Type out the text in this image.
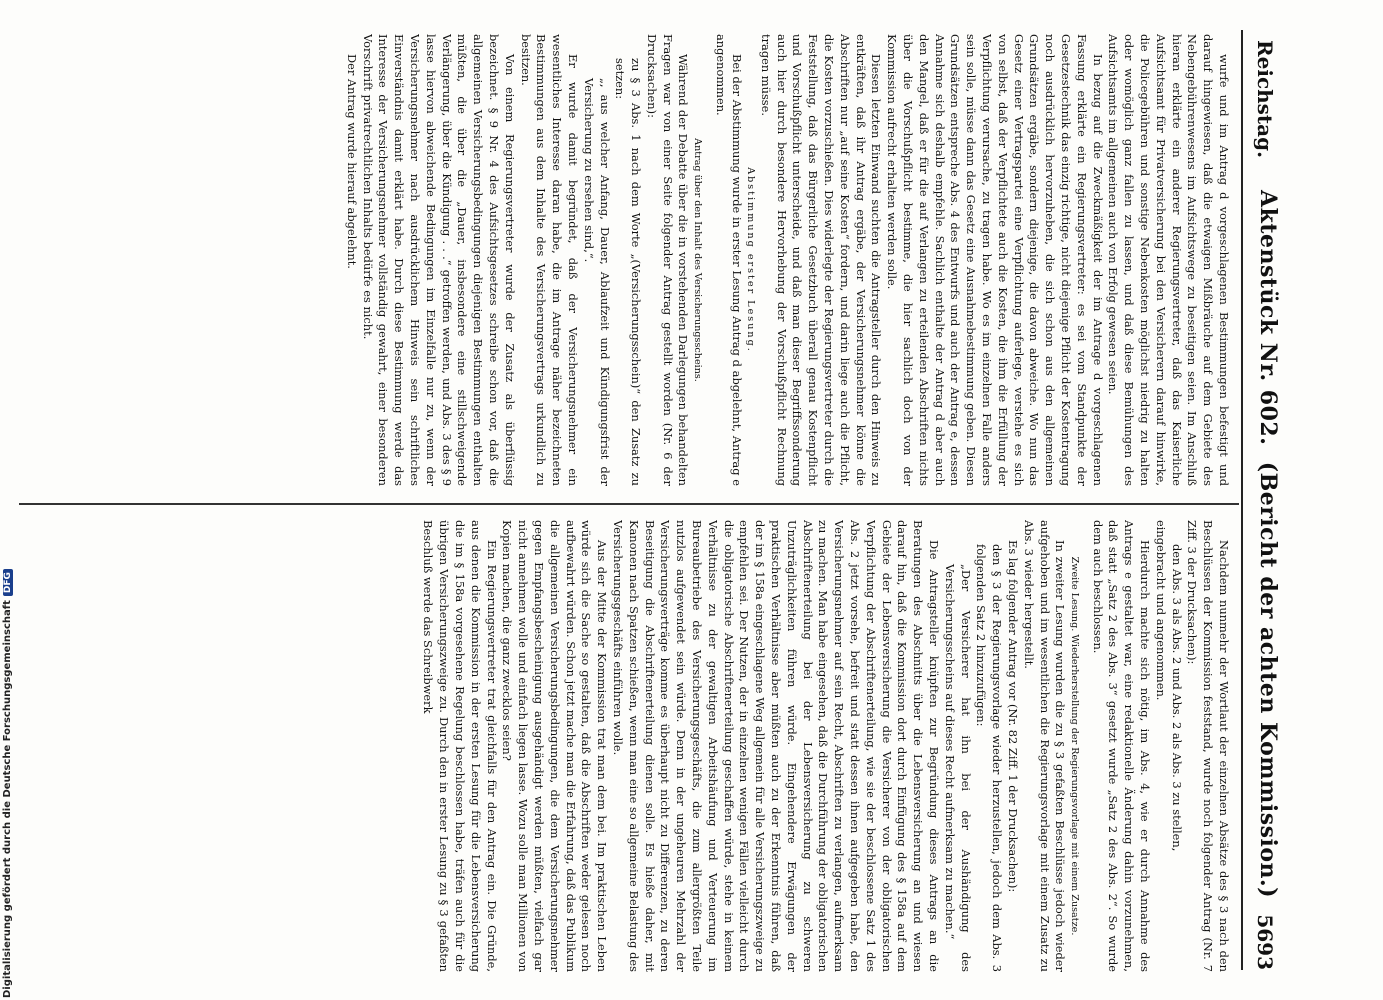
Reichstag.
Aktenstück Nr. 602.  (Bericht der achten Kommission.)
5693

wurfe und im Antrag d vorgeschlagenen Bestimmungen befestigt und darauf hingewiesen, daß die etwaigen Mißbräuche auf dem Gebiete des Nebengebührenwesens im Aufsichtswege zu beseitigen seien. Im Anschluß hieran erklärte ein anderer Regierungsvertreter, daß das Kaiserliche Aufsichtsamt für Privatversicherung bei den Versicherern darauf hinwirke, die Policegebühren und sonstige Nebenkosten möglichst niedrig zu halten oder womöglich ganz fallen zu lassen, und daß diese Bemühungen des Aufsichtsamts im allgemeinen auch von Erfolg gewesen seien.

In bezug auf die Zweckmäßigkeit der im Antrage d vorgeschlagenen Fassung erklärte ein Regierungsvertreter: es sei vom Standpunkte der Gesetzestechnik das einzig richtige, nicht diejenige Pflicht der Kostentragung noch ausdrücklich hervorzuheben, die sich schon aus den allgemeinen Grundsätzen ergäbe, sondern diejenige, die davon abweiche. Wo nun das Gesetz einer Vertragspartei eine Verpflichtung auferlege, verstehe es sich von selbst, daß der Verpflichtete auch die Kosten, die ihm die Erfüllung der Verpflichtung verursache, zu tragen habe. Wo es im einzelnen Falle anders sein solle, müsse dann das Gesetz eine Ausnahmebestimmung geben. Diesen Grundsätzen entspreche Abs. 4 des Entwurfs und auch der Antrag e, dessen Annahme sich deshalb empfehle. Sachlich enthalte der Antrag d aber auch den Mangel, daß er für die auf Verlangen zu erteilenden Abschriften nichts über die Vorschußpflicht bestimme, die hier sachlich doch von der Kommission aufrecht erhalten werden solle.

Diesen letzten Einwand suchten die Antragsteller durch den Hinweis zu entkräften, daß ihr Antrag ergäbe, der Versicherungsnehmer könne die Abschriften nur „auf seine Kosten“ fordern, und darin liege auch die Pflicht, die Kosten vorzuschießen. Dies widerlegte der Regierungsvertreter durch die Feststellung, daß das Bürgerliche Gesetzbuch überall genau Kostenpflicht und Vorschußpflicht unterscheide, und daß man dieser Begriffssonderung auch hier durch besondere Hervorhebung der Vorschußpflicht Rechnung tragen müsse.

Abstimmung erster Lesung.

Bei der Abstimmung wurde in erster Lesung Antrag d abgelehnt, Antrag e angenommen.

Antrag über den Inhalt des Versicherungsscheins.

Während der Debatte über die in vorstehenden Darlegungen behandelten Fragen war von einer Seite folgender Antrag gestellt worden (Nr. 6 der Drucksachen):

zu § 3 Abs. 1 nach dem Worte „(Versicherungsschein)“ den Zusatz zu setzen:

„, aus welcher Anfang, Dauer, Ablaufzeit und Kündigungsfrist der Versicherung zu ersehen sind,“.

Er wurde damit begründet, daß der Versicherungsnehmer ein wesentliches Interesse daran habe, die im Antrage näher bezeichneten Bestimmungen aus dem Inhalte des Versicherungsvertrags urkundlich zu besitzen.

Von einem Regierungsvertreter wurde der Zusatz als überflüssig bezeichnet. § 9 Nr. 4 des Aufsichtsgesetzes schreibe schon vor, daß die allgemeinen Versicherungsbedingungen diejenigen Bestimmungen enthalten müßten, die über die „Dauer, insbesondere eine stillschweigende Verlängerung, über die Kündigung . . .“ getroffen werden, und Abs. 3 des § 9 lasse hiervon abweichende Bedingungen im Einzelfalle nur zu, wenn der Versicherungsnehmer nach ausdrücklichem Hinweis sein schriftliches Einverständnis damit erklärt habe. Durch diese Bestimmung werde das Interesse der Versicherungsnehmer vollständig gewahrt, einer besonderen Vorschrift privatrechtlichen Inhalts bedürfe es nicht.

Der Antrag wurde hierauf abgelehnt.

Nachdem nunmehr der Wortlaut der einzelnen Absätze des § 3 nach den Beschlüssen der Kommission feststand, wurde noch folgender Antrag (Nr. 7 Ziff. 3 der Drucksachen):

den Abs. 3 als Abs. 2 und Abs. 2 als Abs. 3 zu stellen,

eingebracht und angenommen.

Hierdurch machte sich nötig, im Abs. 4, wie er durch Annahme des Antrags e gestaltet war, eine redaktionelle Änderung dahin vorzunehmen, daß statt „Satz 2 des Abs. 3“ gesetzt wurde „Satz 2 des Abs. 2“. So wurde dem auch beschlossen.

Zweite Lesung. Wiederherstellung der Regierungsvorlage mit einem Zusatze.

In zweiter Lesung wurden die zu § 3 gefaßten Beschlüsse jedoch wieder aufgehoben und im wesentlichen die Regierungsvorlage mit einem Zusatz zu Abs. 3 wieder hergestellt.

Es lag folgender Antrag vor (Nr. 82 Ziff. 1 der Drucksachen):

den § 3 der Regierungsvorlage wieder herzustellen, jedoch dem Abs. 3 folgenden Satz 2 hinzuzufügen:

„Der Versicherer hat ihn bei der Aushändigung des Versicherungsscheins auf dieses Recht aufmerksam zu machen.“

Die Antragsteller knüpften zur Begründung dieses Antrags an die Beratungen des Abschnitts über die Lebensversicherung an und wiesen darauf hin, daß die Kommission dort durch Einfügung des § 158a auf dem Gebiete der Lebensversicherung die Versicherer von der obligatorischen Verpflichtung der Abschriftenerteilung, wie sie der beschlossene Satz 1 des Abs. 2 jetzt vorsehe, befreit und statt dessen ihnen aufgegeben habe, den Versicherungsnehmer auf sein Recht, Abschriften zu verlangen, aufmerksam zu machen. Man habe eingesehen, daß die Durchführung der obligatorischen Abschriftenerteilung bei der Lebensversicherung zu schweren Unzuträglichkeiten führen würde. Eingehendere Erwägungen der praktischen Verhältnisse aber müßten auch zu der Erkenntnis führen, daß der im § 158a eingeschlagene Weg allgemein für alle Versicherungszweige zu empfehlen sei. Der Nutzen, der in einzelnen wenigen Fällen vielleicht durch die obligatorische Abschriftenerteilung geschaffen würde, stehe in keinem Verhältnisse zu der gewaltigen Arbeitshäufung und Verteuerung im Bureaubetriebe des Versicherungsgeschäfts, die zum allergrößten Teile nutzlos aufgewendet sein würde. Denn in der ungeheuren Mehrzahl der Versicherungsverträge komme es überhaupt nicht zu Differenzen, zu deren Beseitigung die Abschriftenerteilung dienen solle. Es hieße daher, mit Kanonen nach Spatzen schießen, wenn man eine so allgemeine Belastung des Versicherungsgeschäfts einführen wolle.

Aus der Mitte der Kommission trat man dem bei. Im praktischen Leben würde sich die Sache so gestalten, daß die Abschriften weder gelesen noch aufbewahrt würden. Schon jetzt mache man die Erfahrung, daß das Publikum die allgemeinen Versicherungsbedingungen, die dem Versicherungsnehmer gegen Empfangsbescheinigung ausgehändigt werden müßten, vielfach gar nicht annehmen wolle und einfach liegen lasse. Wozu solle man Millionen von Kopien machen, die ganz zwecklos seien?

Ein Regierungsvertreter trat gleichfalls für den Antrag ein. Die Gründe, aus denen die Kommission in der ersten Lesung für die Lebensversicherung die im § 158a vorgesehene Regelung beschlossen habe, träfen auch für die übrigen Versicherungszweige zu. Durch den in erster Lesung zu § 3 gefaßten Beschluß werde das Schreibwerk

Digitalisierung gefördert durch die Deutsche ForschungsgemeinschaftDFG
